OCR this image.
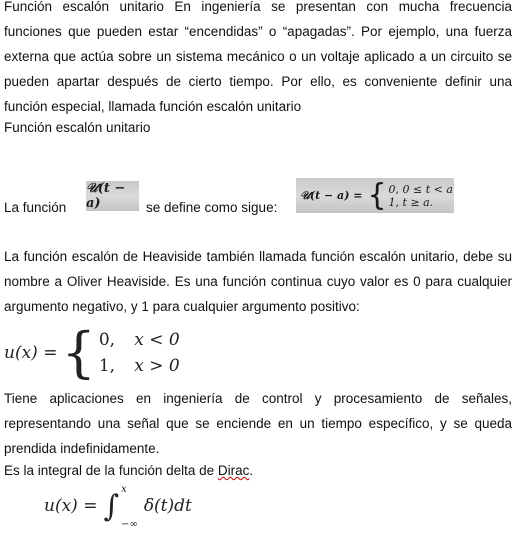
Función escalón unitario En ingeniería se presentan con mucha frecuencia funciones que pueden estar “encendidas” o “apagadas”. Por ejemplo, una fuerza externa que actúa sobre un sistema mecánico o un voltaje aplicado a un circuito se pueden apartar después de cierto tiempo. Por ello, es conveniente definir una función especial, llamada función escalón unitario

Función escalón unitario

La función

𝒰(t − a)	se define como sigue:

𝒰(t − a) = { 0, 0 ≤ t < a
1, t ≥ a.

La función escalón de Heaviside también llamada función escalón unitario, debe su nombre a Oliver Heaviside. Es una función continua cuyo valor es 0 para cualquier argumento negativo, y 1 para cualquier argumento positivo:

u(x) = { 0, x < 0
1, x > 0

Tiene aplicaciones en ingeniería de control y procesamiento de señales, representando una señal que se enciende en un tiempo específico, y se queda prendida indefinidamente.

Es la integral de la función delta de Dirac.

u(x) = ∫ x
−∞
δ(t)dt
